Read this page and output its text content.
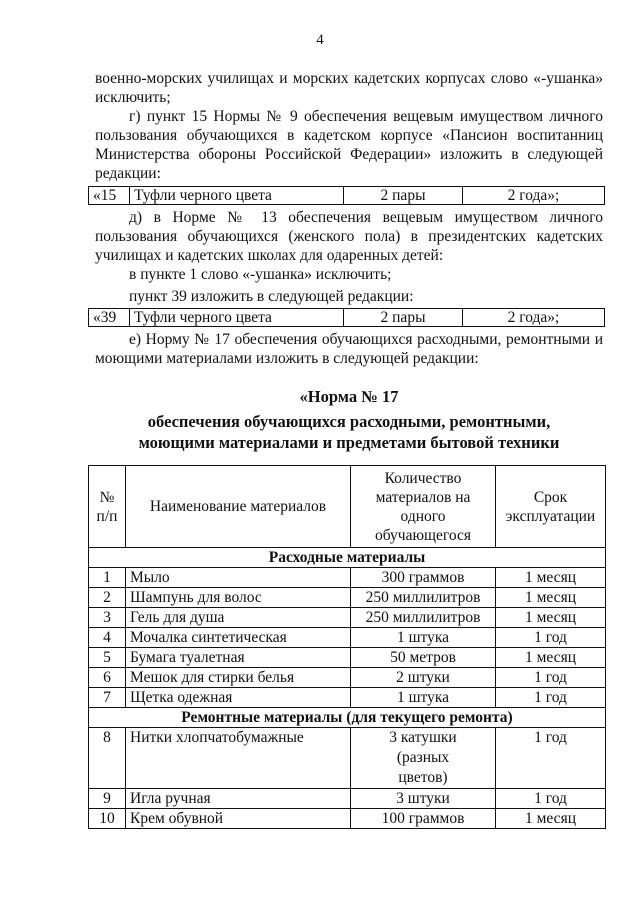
4

военно-морских училищах и морских кадетских корпусах слово «-ушанка» исключить;

г) пункт 15 Нормы № 9 обеспечения вещевым имуществом личного пользования обучающихся в кадетском корпусе «Пансион воспитанниц Министерства обороны Российской Федерации» изложить в следующей редакции:
«15	Туфли черного цвета	2 пары	2 года»;
д) в Норме № 13 обеспечения вещевым имуществом личного пользования обучающихся (женского пола) в президентских кадетских училищах и кадетских школах для одаренных детей:
в пункте 1 слово «-ушанка» исключить;
пункт 39 изложить в следующей редакции:
«39	Туфли черного цвета	2 пары	2 года»;
е) Норму № 17 обеспечения обучающихся расходными, ремонтными и моющими материалами изложить в следующей редакции:
«Норма № 17
обеспечения обучающихся расходными, ремонтными,
моющими материалами и предметами бытовой техники
№ п/п	Наименование материалов	Количество материалов на одного обучающегося	Срок эксплуатации
Расходные материалы			
1	Мыло	300 граммов	1 месяц
2	Шампунь для волос	250 миллилитров	1 месяц
3	Гель для душа	250 миллилитров	1 месяц
4	Мочалка синтетическая	1 штука	1 год
5	Бумага туалетная	50 метров	1 месяц
6	Мешок для стирки белья	2 штуки	1 год
7	Щетка одежная	1 штука	1 год
Ремонтные материалы (для текущего ремонта)			
8	Нитки хлопчатобумажные	3 катушки (разных цветов)	1 год
9	Игла ручная	3 штуки	1 год
10	Крем обувной	100 граммов	1 месяц
